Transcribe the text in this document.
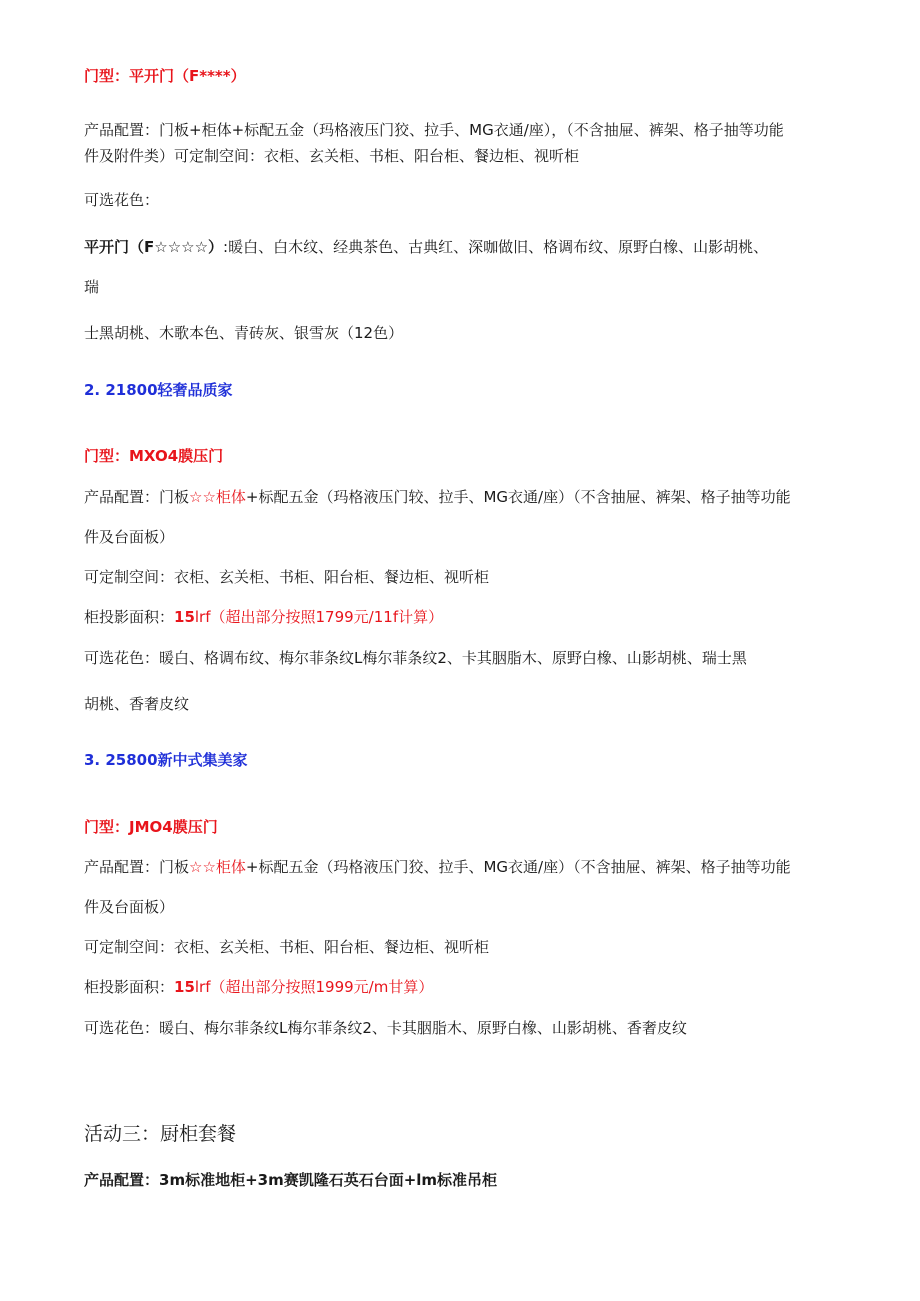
门型：平开门（F****）
产品配置：门板+柜体+标配五金（玛格液压门狡、拉手、MG衣通/座），（不含抽屉、裤架、格子抽等功能
件及附件类）可定制空间：衣柜、玄关柜、书柜、阳台柜、餐边柜、视听柜
可选花色：
平开门（F☆☆☆☆）:暖白、白木纹、经典茶色、古典红、深咖做旧、格调布纹、原野白橡、山影胡桃、
瑞
士黑胡桃、木歌本色、青砖灰、银雪灰（12色）
2. 21800轻奢品质家
门型：MXO4膜压门
产品配置：门板☆☆柜体+标配五金（玛格液压门较、拉手、MG衣通/座）（不含抽屉、裤架、格子抽等功能
件及台面板）
可定制空间：衣柜、玄关柜、书柜、阳台柜、餐边柜、视听柜
柜投影面积：15lrf（超出部分按照1799元/11f计算）
可选花色：暖白、格调布纹、梅尔菲条纹L梅尔菲条纹2、卡其胭脂木、原野白橡、山影胡桃、瑞士黑
胡桃、香奢皮纹
3. 25800新中式集美家
门型：JMO4膜压门
产品配置：门板☆☆柜体+标配五金（玛格液压门狡、拉手、MG衣通/座）（不含抽屉、裤架、格子抽等功能
件及台面板）
可定制空间：衣柜、玄关柜、书柜、阳台柜、餐边柜、视听柜
柜投影面积：15lrf（超出部分按照1999元/m甘算）
可选花色：暖白、梅尔菲条纹L梅尔菲条纹2、卡其胭脂木、原野白橡、山影胡桃、香奢皮纹
活动三：厨柜套餐
产品配置：3m标准地柜+3m赛凯隆石英石台面+lm标准吊柜
